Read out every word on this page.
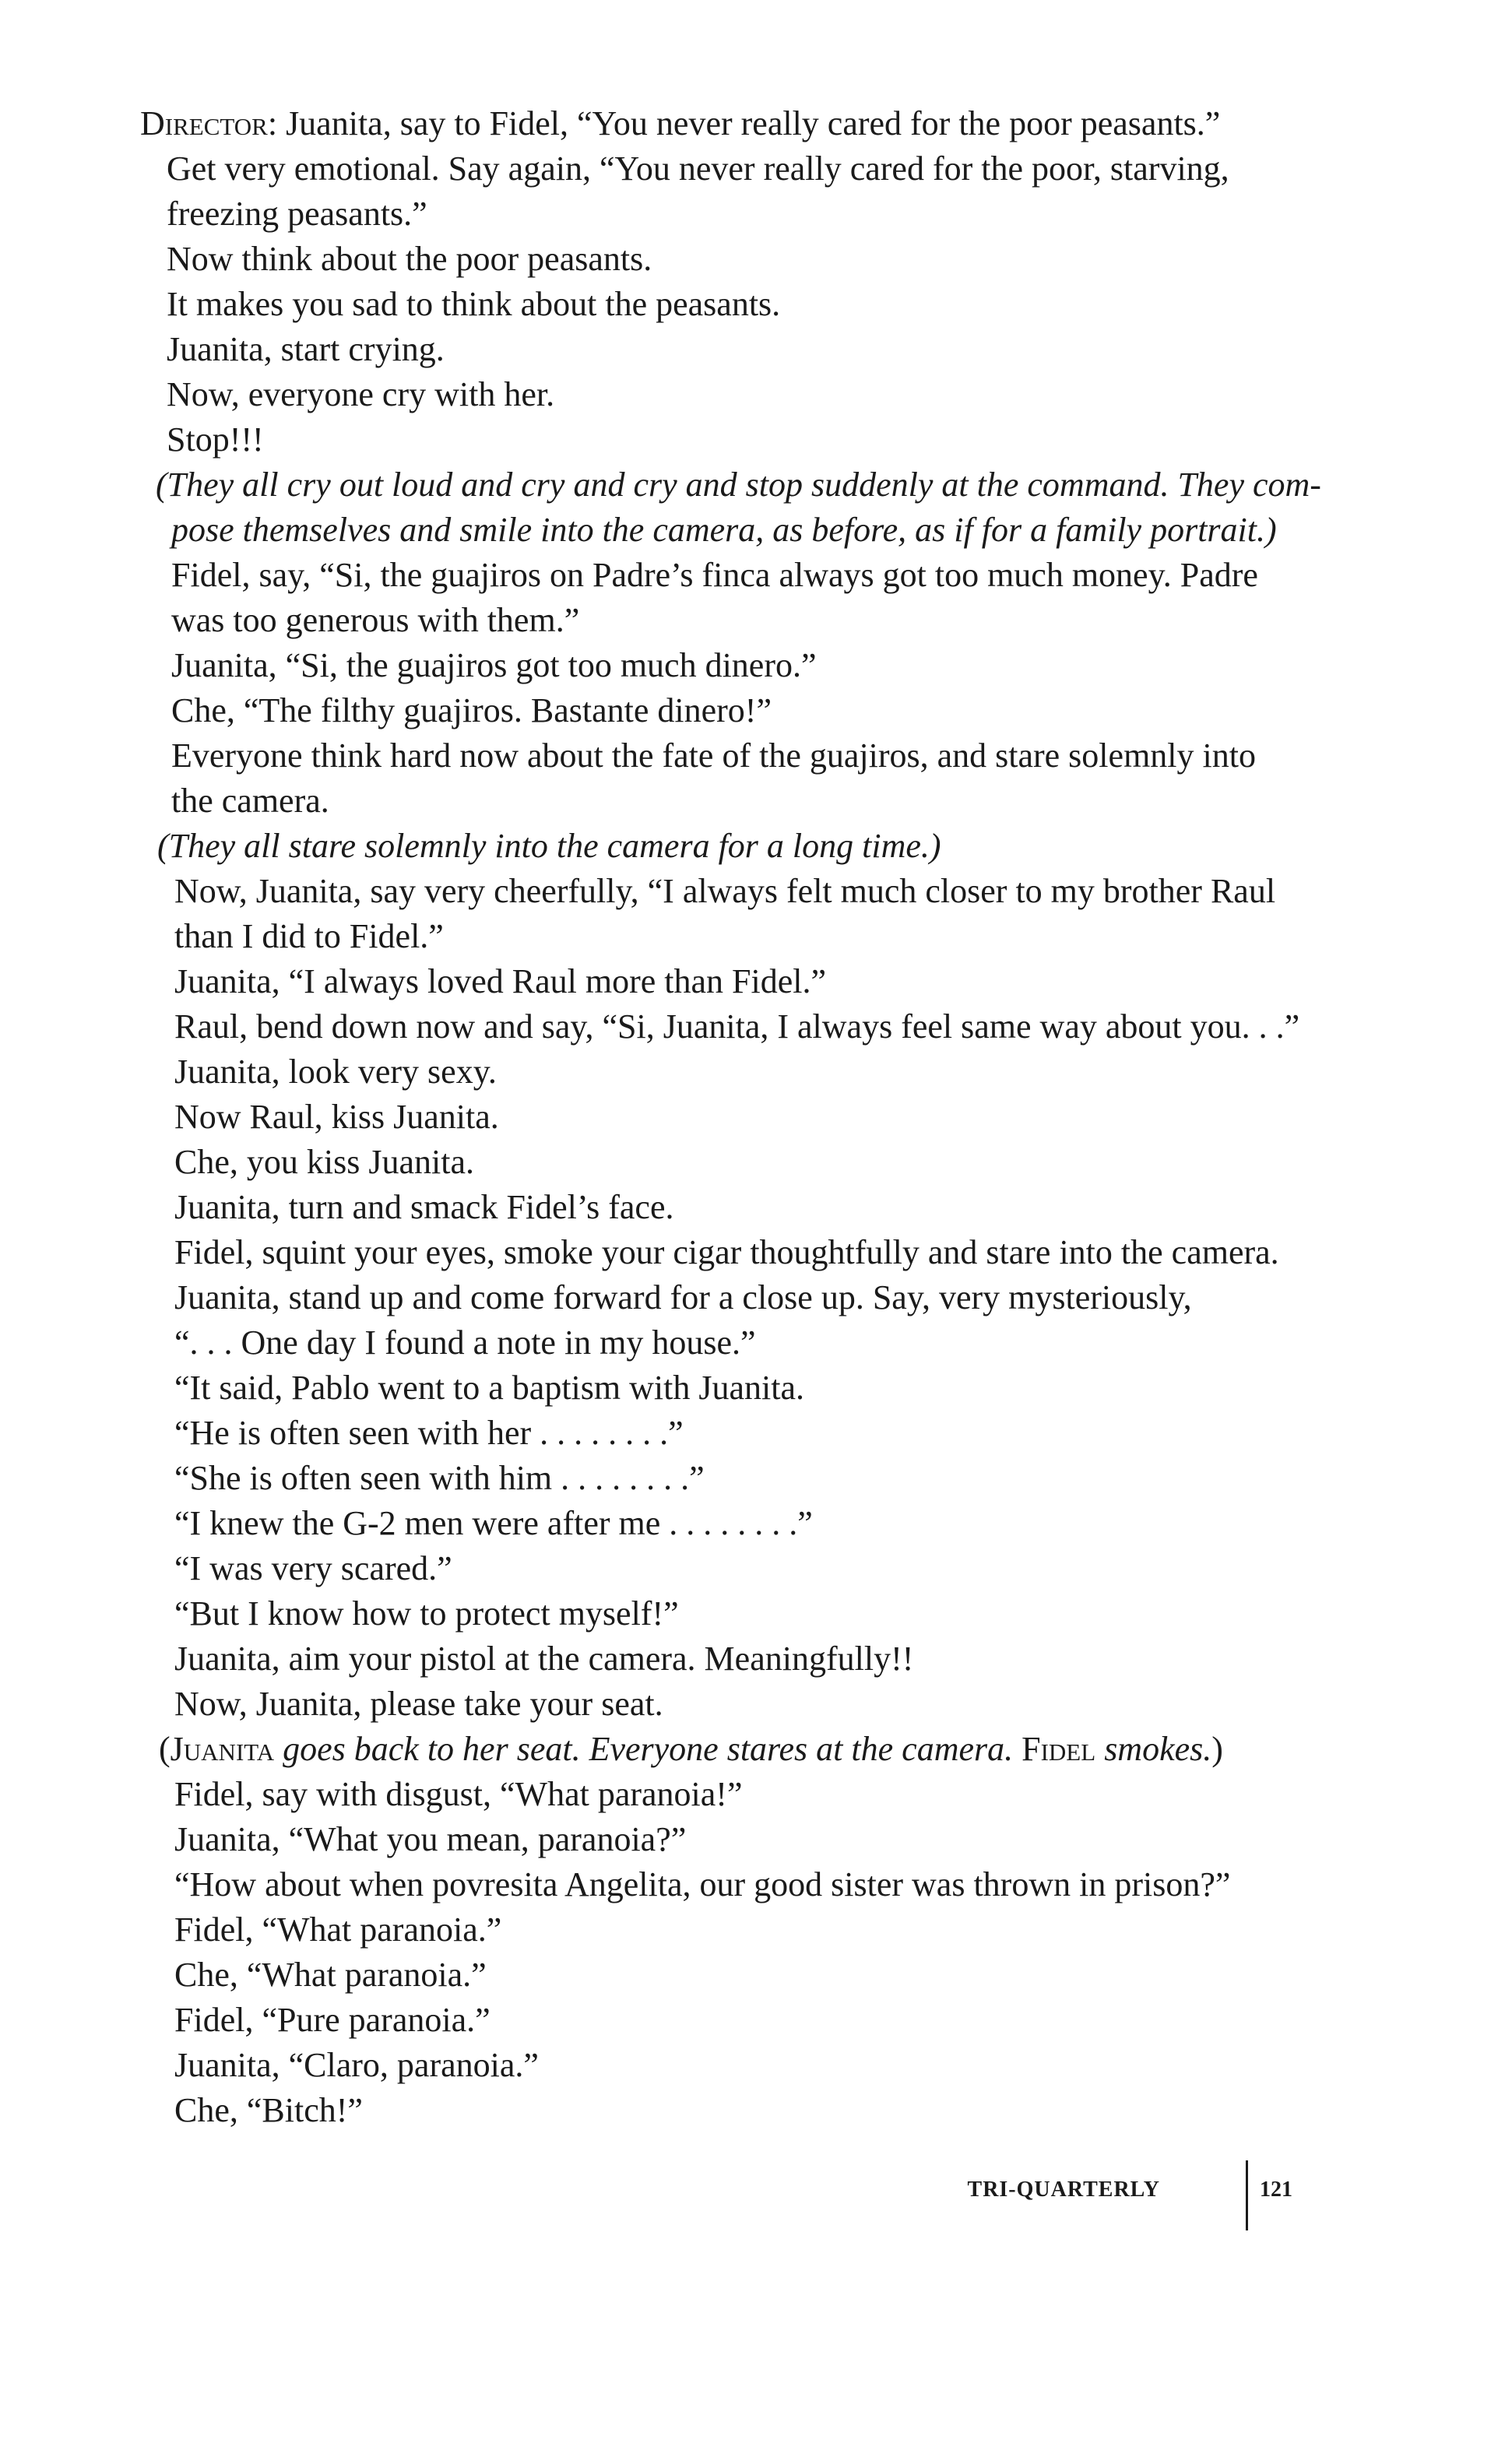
Director: Juanita, say to Fidel, “You never really cared for the poor peasants.”
Get very emotional. Say again, “You never really cared for the poor, starving,
freezing peasants.”
Now think about the poor peasants.
It makes you sad to think about the peasants.
Juanita, start crying.
Now, everyone cry with her.
Stop!!!
(They all cry out loud and cry and cry and stop suddenly at the command. They com-
pose themselves and smile into the camera, as before, as if for a family portrait.)
Fidel, say, “Si, the guajiros on Padre’s finca always got too much money. Padre
was too generous with them.”
Juanita, “Si, the guajiros got too much dinero.”
Che, “The filthy guajiros. Bastante dinero!”
Everyone think hard now about the fate of the guajiros, and stare solemnly into
the camera.
(They all stare solemnly into the camera for a long time.)
Now, Juanita, say very cheerfully, “I always felt much closer to my brother Raul
than I did to Fidel.”
Juanita, “I always loved Raul more than Fidel.”
Raul, bend down now and say, “Si, Juanita, I always feel same way about you. . .”
Juanita, look very sexy.
Now Raul, kiss Juanita.
Che, you kiss Juanita.
Juanita, turn and smack Fidel’s face.
Fidel, squint your eyes, smoke your cigar thoughtfully and stare into the camera.
Juanita, stand up and come forward for a close up. Say, very mysteriously,
“. . . One day I found a note in my house.”
“It said, Pablo went to a baptism with Juanita.
“He is often seen with her . . . . . . . .”
“She is often seen with him . . . . . . . .”
“I knew the G-2 men were after me . . . . . . . .”
“I was very scared.”
“But I know how to protect myself!”
Juanita, aim your pistol at the camera. Meaningfully!!
Now, Juanita, please take your seat.
(Juanita goes back to her seat. Everyone stares at the camera. Fidel smokes.)
Fidel, say with disgust, “What paranoia!”
Juanita, “What you mean, paranoia?”
“How about when povresita Angelita, our good sister was thrown in prison?”
Fidel, “What paranoia.”
Che, “What paranoia.”
Fidel, “Pure paranoia.”
Juanita, “Claro, paranoia.”
Che, “Bitch!”
TRI-QUARTERLY	121
